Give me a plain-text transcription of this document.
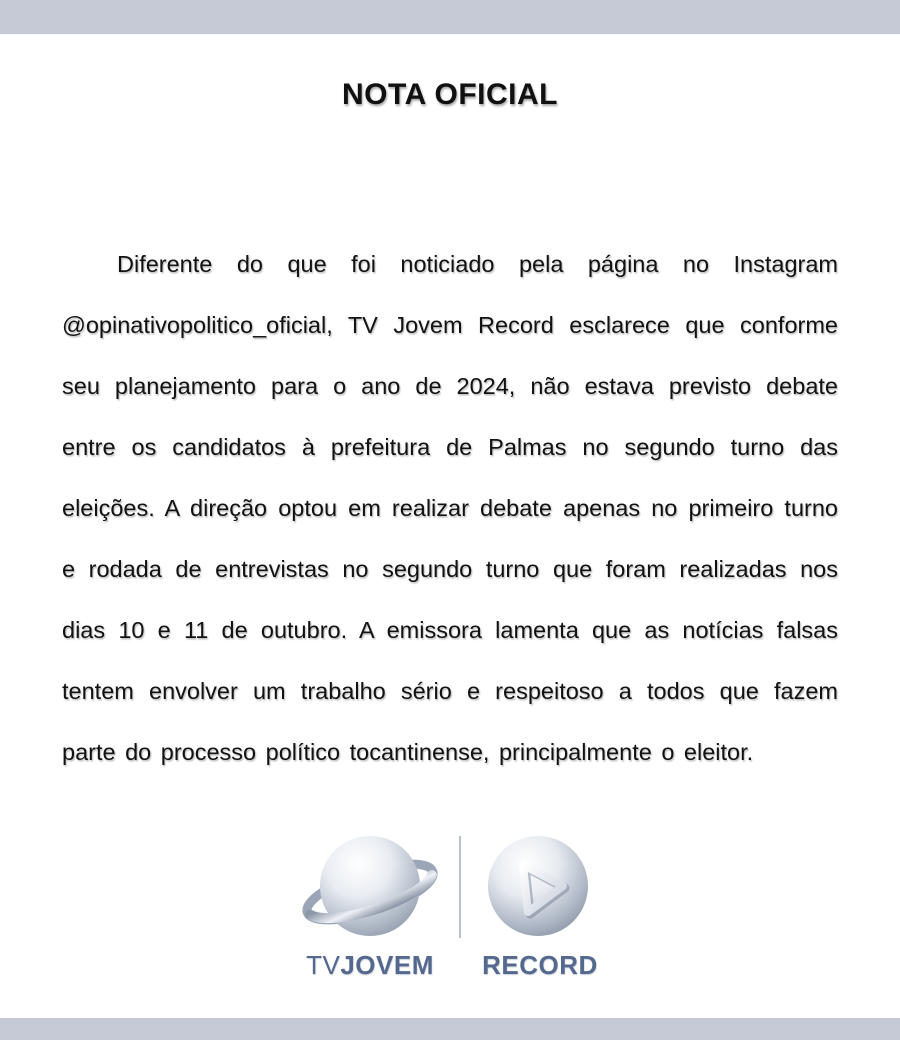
NOTA OFICIAL

Diferente do que foi noticiado pela página no Instagram @opinativopolitico_oficial, TV Jovem Record esclarece que conforme seu planejamento para o ano de 2024, não estava previsto debate entre os candidatos à prefeitura de Palmas no segundo turno das eleições. A direção optou em realizar debate apenas no primeiro turno e rodada de entrevistas no segundo turno que foram realizadas nos dias 10 e 11 de outubro. A emissora lamenta que as notícias falsas tentem envolver um trabalho sério e respeitoso a todos que fazem parte do processo político tocantinense, principalmente o eleitor.

TVJOVEM RECORD
